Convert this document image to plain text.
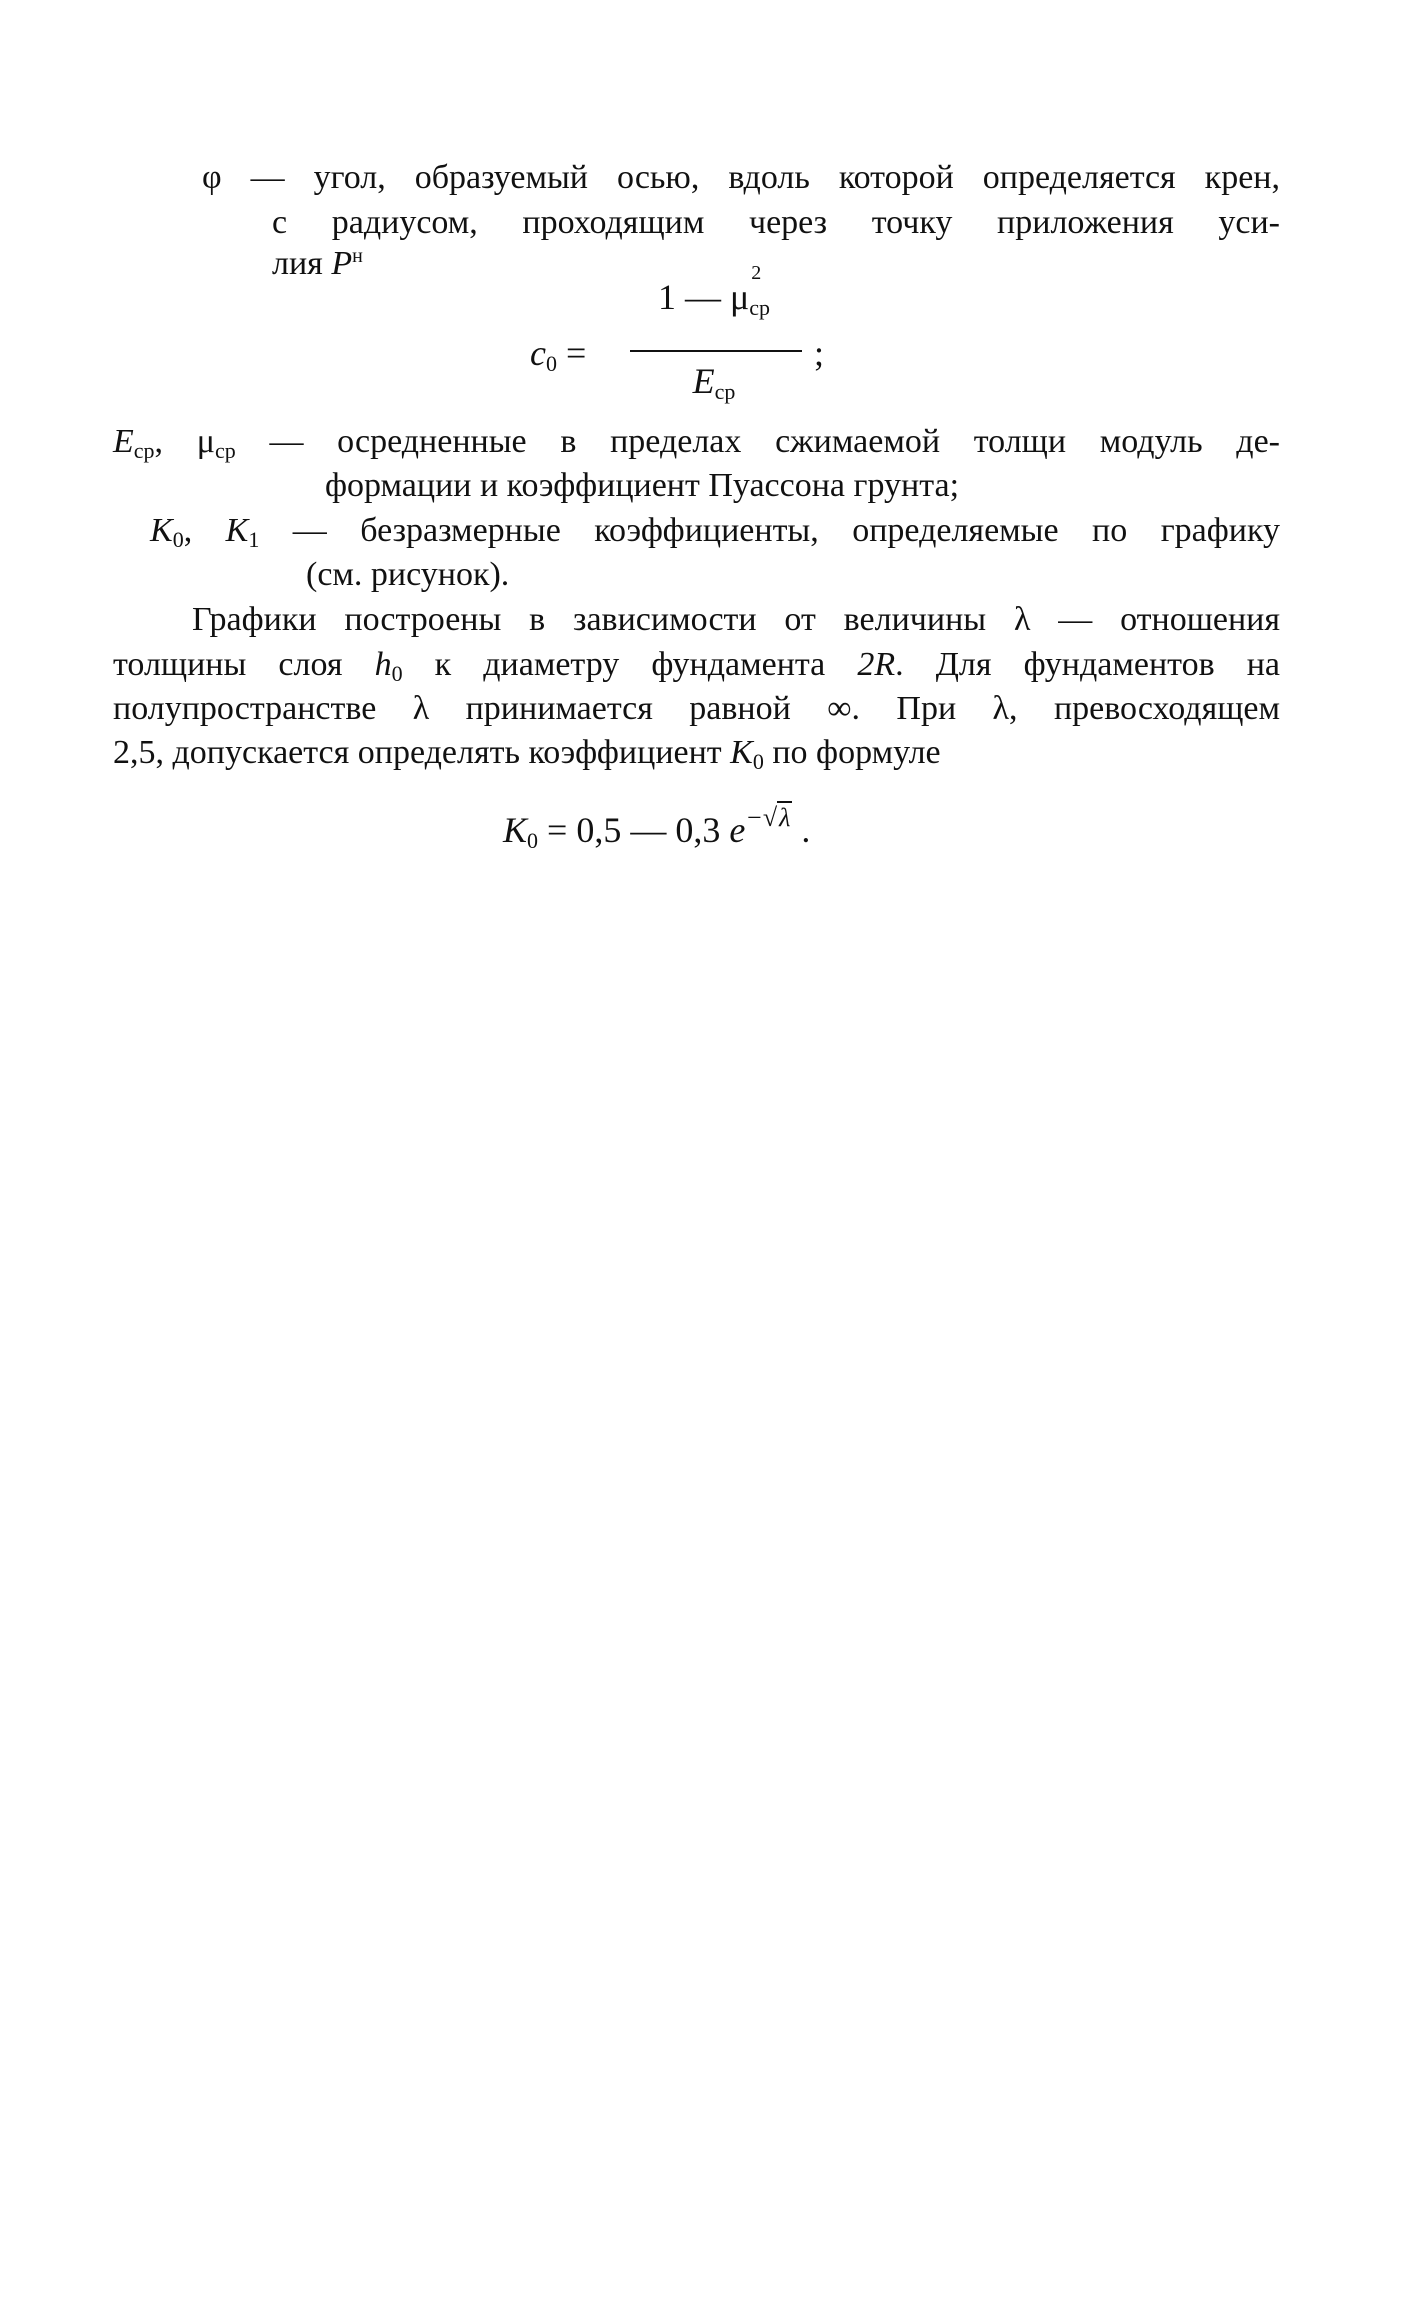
φ — угол, образуемый осью, вдоль которой определяется крен,
с радиусом, проходящим через точку приложения уси-
лия $P^н$
$c_0$ =
1 — μ
2
$_{ср}$
$E_{ср}$
;
$E_{ср}$, $\mu_{ср}$ — осредненные в пределах сжимаемой толщи модуль де-
формации и коэффициент Пуассона грунта;
$K_0$, $K_1$ — безразмерные коэффициенты, определяемые по графику
(см. рисунок).
Графики построены в зависимости от величины λ — отношения
толщины слоя $h_0$ к диаметру фундамента 2R. Для фундаментов на
полупространстве λ принимается равной ∞. При λ, превосходящем
2,5, допускается определять коэффициент $K_0$ по формуле
$K_0 = 0,5$ — 0,3 $e^{-√\lambda}$ .
